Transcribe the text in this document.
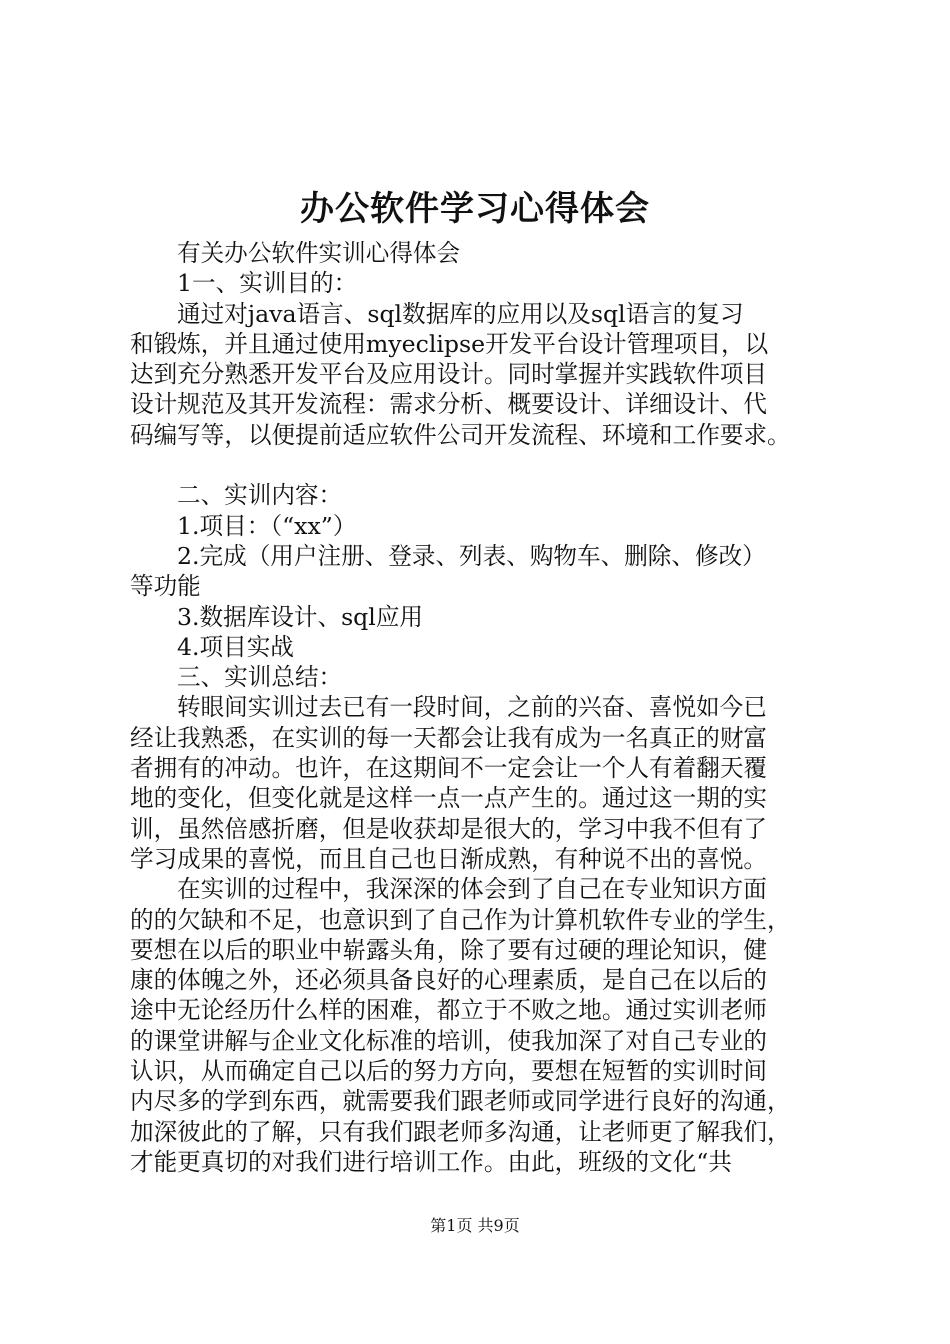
办公软件学习心得体会

有关办公软件实训心得体会

1一、实训目的：

通过对java语言、sql数据库的应用以及sql语言的复习

和锻炼，并且通过使用myeclipse开发平台设计管理项目，以

达到充分熟悉开发平台及应用设计。同时掌握并实践软件项目

设计规范及其开发流程：需求分析、概要设计、详细设计、代

码编写等，以便提前适应软件公司开发流程、环境和工作要求。

二、实训内容：

1.项目：（“xx”）

2.完成（用户注册、登录、列表、购物车、删除、修改）

等功能

3.数据库设计、sql应用

4.项目实战

三、实训总结：

转眼间实训过去已有一段时间，之前的兴奋、喜悦如今已

经让我熟悉，在实训的每一天都会让我有成为一名真正的财富

者拥有的冲动。也许，在这期间不一定会让一个人有着翻天覆

地的变化，但变化就是这样一点一点产生的。通过这一期的实

训，虽然倍感折磨，但是收获却是很大的，学习中我不但有了

学习成果的喜悦，而且自己也日渐成熟，有种说不出的喜悦。

在实训的过程中，我深深的体会到了自己在专业知识方面

的的欠缺和不足，也意识到了自己作为计算机软件专业的学生，

要想在以后的职业中崭露头角，除了要有过硬的理论知识，健

康的体魄之外，还必须具备良好的心理素质，是自己在以后的

途中无论经历什么样的困难，都立于不败之地。通过实训老师

的课堂讲解与企业文化标准的培训，使我加深了对自己专业的

认识，从而确定自己以后的努力方向，要想在短暂的实训时间

内尽多的学到东西，就需要我们跟老师或同学进行良好的沟通，

加深彼此的了解，只有我们跟老师多沟通，让老师更了解我们，

才能更真切的对我们进行培训工作。由此，班级的文化“共

第1页 共9页
